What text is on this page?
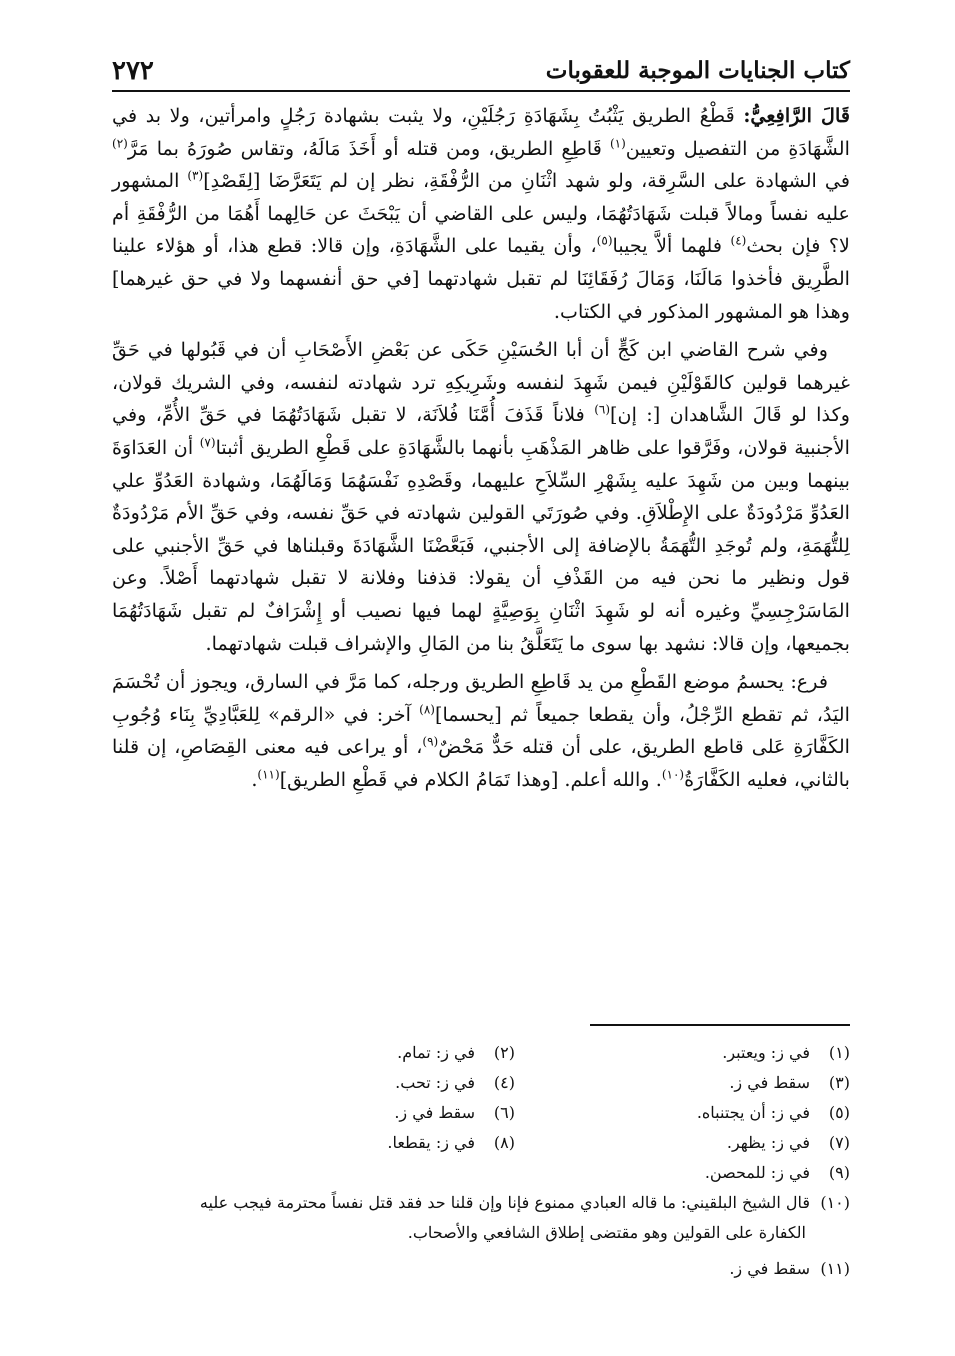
كتاب الجنايات الموجبة للعقوبات
٢٧٢

قَالَ الرَّافِعِيُّ: قَطْعُ الطريق يَثْبُتُ بِشَهَادَةِ رَجُلَيْنِ، ولا يثبت بشهادة رَجُلٍ وامرأتين، ولا بد في الشَّهَادَةِ من التفصيل وتعيين$^{(١)}$ قَاطِعِ الطريق، ومن قتله أو أَخَذَ مَالَهُ، وتقاس صُورَهُ بما مَرَّ$^{(٢)}$ في الشهادة على السَّرِقة، ولو شهد اثْنَانِ من الرُّفْقَةِ، نظر إن لم يَتَعَرَّضَا [لِقَصْدِ]$^{(٣)}$ المشهور عليه نفساً ومالاً قبلت شَهَادَتُهُمَا، وليس على القاضي أن يَبْحَثَ عن حَالِهما أَهُمَا من الرُّفْقَةِ أم لا؟ فإن بحث$^{(٤)}$ فلهما ألاَّ يجيبا$^{(٥)}$، وأن يقيما على الشَّهَادَةِ، وإن قالا: قطع هذا، أو هؤلاء علينا الطَّرِيق فأخذوا مَالَنَا، وَمَالَ رُفَقَائِنَا لم تقبل شهادتهما [في حق أنفسهما ولا في حق غيرهما] وهذا هو المشهور المذكور في الكتاب.

وفي شرح القاضي ابن كَجٍّ أن أبا الحُسَيْنِ حَكَى عن بَعْضِ الأَصْحَابِ أن في قَبُولها في حَقِّ غيرهما قولين كالقَوْلَيْنِ فيمن شَهِدَ لنفسه وشَرِيكِهِ ترد شهادته لنفسه، وفي الشريك قولان، وكذا لو قَالَ الشَّاهدان [: إن]$^{(٦)}$ فلاناً قَذَفَ أُمَّنَا فُلاَنَة، لا تقبل شَهَادَتُهُمَا في حَقِّ الأُمِّ، وفي الأجنبية قولان، وفَرَّقوا على ظاهر المَذْهَبِ بأنهما بالشَّهَادَةِ على قَطْعِ الطريق أثبتا$^{(٧)}$ أن العَدَاوَةَ بينهما وبين من شَهِدَ عليه بِشَهْرِ السِّلاَحِ عليهما، وقَصْدِهِ نَفْسَهُمَا وَمَالَهُمَا، وشهادة العَدُوِّ علي العَدُوِّ مَرْدُودَةٌ على الإِطْلاَقِ. وفي صُورَتَي القولين شهادته في حَقِّ نفسه، وفي حَقِّ الأم مَرْدُودَةٌ لِلتُّهَمَةِ، ولم تُوجَدِ التُّهَمَةُ بالإضافة إلى الأجنبي، فَبَعَّضْنَا الشَّهَادَةَ وقبلناها في حَقِّ الأجنبي على قول ونظير ما نحن فيه من القَذْفِ أن يقولا: قذفنا وفلانة لا تقبل شهادتهما أَصْلاً. وعن المَاسَرْجِسِيِّ وغيره أنه لو شَهِدَ اثْنَانِ بِوَصِيَّةٍ لهما فيها نصيب أو إِشْرَافٌ لم تقبل شَهَادَتُهُمَا بجميعها، وإن قالا: نشهد بها سوى ما يَتَعَلَّقُ بنا من المَالِ والإشراف قبلت شهادتهما.

فرع: يحسمُ موضع القَطْعِ من يد قَاطِعِ الطريق ورجله، كما مَرَّ في السارق، ويجوز أن تُحْسَمَ اليَدُ، ثم تقطع الرِّجْلُ، وأن يقطعا جميعاً ثم [يحسما]$^{(٨)}$ آخر: في «الرقم» لِلعَبَّادِيِّ بِنَاء وُجُوبِ الكَفَّارَةِ عَلى قاطع الطريق، على أن قتله حَدٌّ مَحْضٌ$^{(٩)}$، أو يراعى فيه معنى القِصَاصِ، إن قلنا بالثاني، فعليه الكَفَّارَةُ$^{(١٠)}$. والله أعلم. [وهذا تَمَامُ الكلام في قَطْعِ الطريق]$^{(١١)}$.

(١)في ز: ويعتبر.
(٣)سقط في ز.
(٥)في ز: أن يجتنباه.
(٧)في ز: يظهر.
(٩)في ز: للمحصن.
(٢)في ز: تمام.
(٤)في ز: تحب.
(٦)سقط في ز.
(٨)في ز: يقطعا.
(١٠)قال الشيخ البلقيني: ما قاله العبادي ممنوع فإنا وإن قلنا حد فقد قتل نفساً محترمة فيجب عليه
الكفارة على القولين وهو مقتضى إطلاق الشافعي والأصحاب.
(١١)سقط في ز.
